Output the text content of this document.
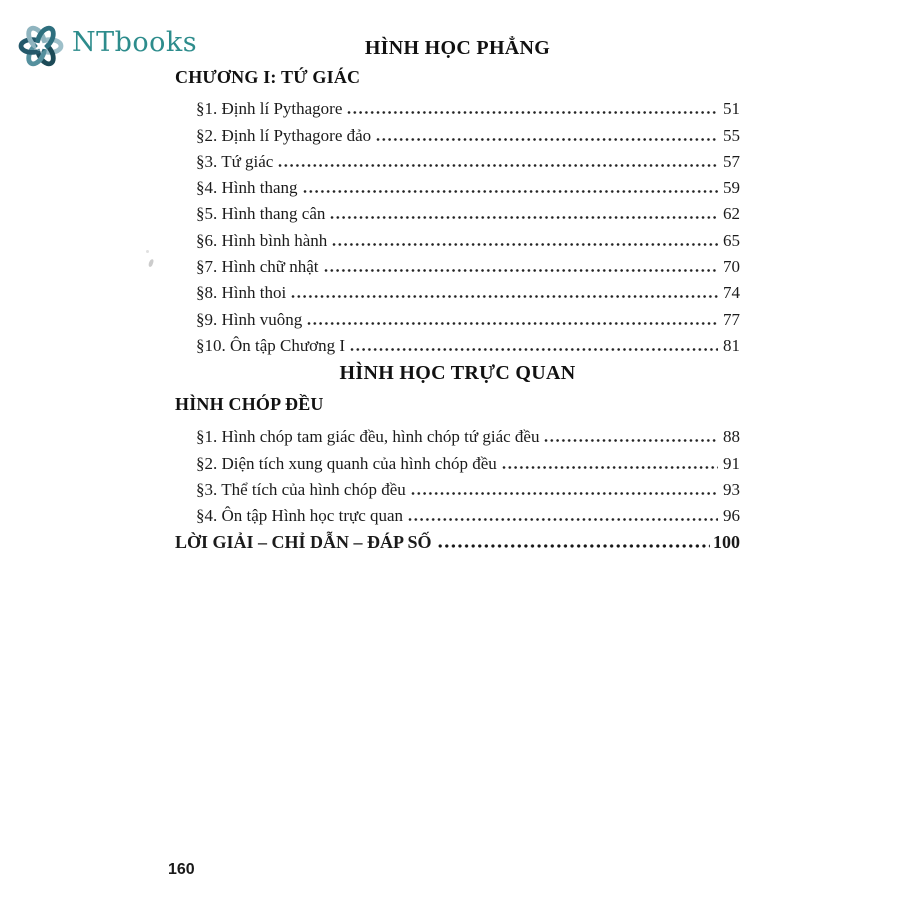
NTbooks	HÌNH HỌC PHẲNG
CHƯƠNG I: TỨ GIÁC
§1. Định lí Pythagore	51
§2. Định lí Pythagore đảo	55
§3. Tứ giác	57
§4. Hình thang	59
§5. Hình thang cân	62
§6. Hình bình hành	65
§7. Hình chữ nhật	70
§8. Hình thoi	74
§9. Hình vuông	77
§10. Ôn tập Chương I	81
HÌNH HỌC TRỰC QUAN
HÌNH CHÓP ĐỀU
§1. Hình chóp tam giác đều, hình chóp tứ giác đều	88
§2. Diện tích xung quanh của hình chóp đều	91
§3. Thể tích của hình chóp đều	93
§4. Ôn tập Hình học trực quan	96
LỜI GIẢI – CHỈ DẪN – ĐÁP SỐ	100
160
